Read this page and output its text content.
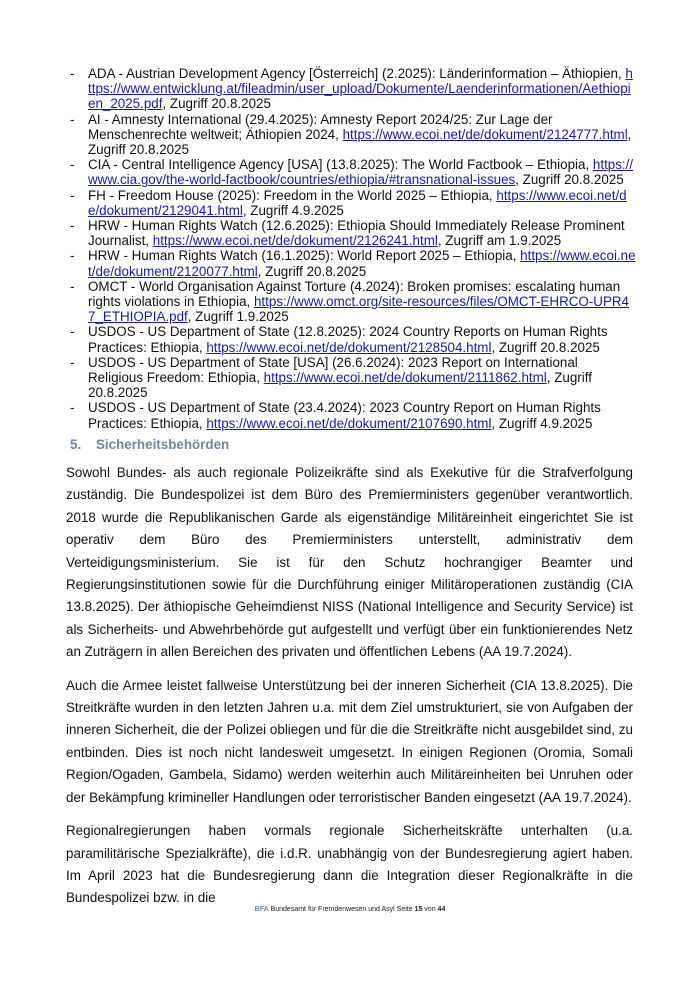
- ADA - Austrian Development Agency [Österreich] (2.2025): Länderinformation – Äthiopien, https://www.entwicklung.at/fileadmin/user_upload/Dokumente/Laenderinformationen/Aethiopien_2025.pdf, Zugriff 20.8.2025
- AI - Amnesty International (29.4.2025): Amnesty Report 2024/25: Zur Lage der Menschenrechte weltweit; Äthiopien 2024, https://www.ecoi.net/de/dokument/2124777.html, Zugriff 20.8.2025
- CIA - Central Intelligence Agency [USA] (13.8.2025): The World Factbook – Ethiopia, https://www.cia.gov/the-world-factbook/countries/ethiopia/#transnational-issues, Zugriff 20.8.2025
- FH - Freedom House (2025): Freedom in the World 2025 – Ethiopia, https://www.ecoi.net/de/dokument/2129041.html, Zugriff 4.9.2025
- HRW - Human Rights Watch (12.6.2025): Ethiopia Should Immediately Release Prominent Journalist, https://www.ecoi.net/de/dokument/2126241.html, Zugriff am 1.9.2025
- HRW - Human Rights Watch (16.1.2025): World Report 2025 – Ethiopia, https://www.ecoi.net/de/dokument/2120077.html, Zugriff 20.8.2025
- OMCT - World Organisation Against Torture (4.2024): Broken promises: escalating human rights violations in Ethiopia, https://www.omct.org/site-resources/files/OMCT-EHRCO-UPR47_ETHIOPIA.pdf, Zugriff 1.9.2025
- USDOS - US Department of State (12.8.2025): 2024 Country Reports on Human Rights Practices: Ethiopia, https://www.ecoi.net/de/dokument/2128504.html, Zugriff 20.8.2025
- USDOS - US Department of State [USA] (26.6.2024): 2023 Report on International Religious Freedom: Ethiopia, https://www.ecoi.net/de/dokument/2111862.html, Zugriff 20.8.2025
- USDOS - US Department of State (23.4.2024): 2023 Country Report on Human Rights Practices: Ethiopia, https://www.ecoi.net/de/dokument/2107690.html, Zugriff 4.9.2025
5. Sicherheitsbehörden

Sowohl Bundes- als auch regionale Polizeikräfte sind als Exekutive für die Strafverfolgung zuständig. Die Bundespolizei ist dem Büro des Premierministers gegenüber verantwortlich. 2018 wurde die Republikanischen Garde als eigenständige Militäreinheit eingerichtet Sie ist operativ dem Büro des Premierministers unterstellt, administrativ dem Verteidigungsministerium. Sie ist für den Schutz hochrangiger Beamter und Regierungsinstitutionen sowie für die Durchführung einiger Militäroperationen zuständig (CIA 13.8.2025). Der äthiopische Geheimdienst NISS (National Intelligence and Security Service) ist als Sicherheits- und Abwehrbehörde gut aufgestellt und verfügt über ein funktionierendes Netz an Zuträgern in allen Bereichen des privaten und öffentlichen Lebens (AA 19.7.2024).

Auch die Armee leistet fallweise Unterstützung bei der inneren Sicherheit (CIA 13.8.2025). Die Streitkräfte wurden in den letzten Jahren u.a. mit dem Ziel umstrukturiert, sie von Aufgaben der inneren Sicherheit, die der Polizei obliegen und für die die Streitkräfte nicht ausgebildet sind, zu entbinden. Dies ist noch nicht landesweit umgesetzt. In einigen Regionen (Oromia, Somali Region/Ogaden, Gambela, Sidamo) werden weiterhin auch Militäreinheiten bei Unruhen oder der Bekämpfung krimineller Handlungen oder terroristischer Banden eingesetzt (AA 19.7.2024).

Regionalregierungen haben vormals regionale Sicherheitskräfte unterhalten (u.a. paramilitärische Spezialkräfte), die i.d.R. unabhängig von der Bundesregierung agiert haben. Im April 2023 hat die Bundesregierung dann die Integration dieser Regionalkräfte in die Bundespolizei bzw. in die

BFA Bundesamt für Fremdenwesen und Asyl Seite 15 von 44
